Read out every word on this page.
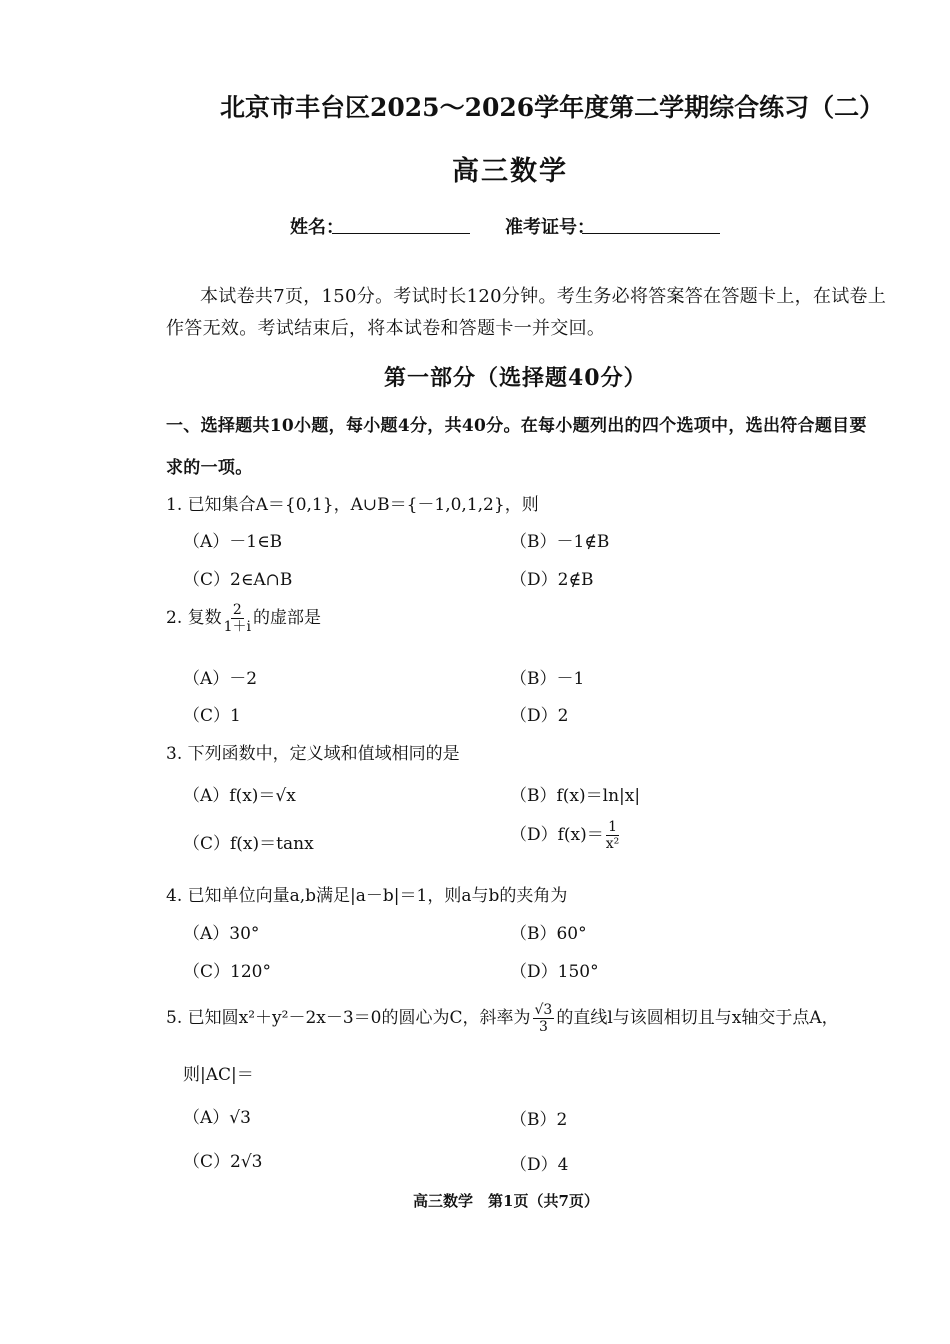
北京市丰台区2025～2026学年度第二学期综合练习（二）
高三数学
姓名：	准考证号：
本试卷共7页，150分。考试时长120分钟。考生务必将答案答在答题卡上，在试卷上
作答无效。考试结束后，将本试卷和答题卡一并交回。
第一部分（选择题40分）
一、选择题共10小题，每小题4分，共40分。在每小题列出的四个选项中，选出符合题目要
求的一项。
1. 已知集合A＝{0,1}，A∪B＝{－1,0,1,2}，则
（A）－1∈B	（B）－1∉B
（C）2∈A∩B	（D）2∉B
2. 复数 $\frac{2}{1+i}$ 的虚部是
（A）－2	（B）－1
（C）1	（D）2
3. 下列函数中，定义域和值域相同的是
（A）f(x)＝√x	（B）f(x)＝ln|x|
（C）f(x)＝tanx	$(D)f(x)= \frac{1}{\text{x²}}$
4. 已知单位向量a,b满足|a－b|＝1，则a与b的夹角为
（A）30°	（B）60°
（C）120°	（D）150°
5. 已知圆x²＋y²－2x－3＝0的圆心为C，斜率为 $\frac{√3}{3}$ 的直线l与该圆相切且与x轴交于点A，
则|AC|＝
（A）√3	（B）2
（C）2√3	（D）4
高三数学　第1页（共7页）
